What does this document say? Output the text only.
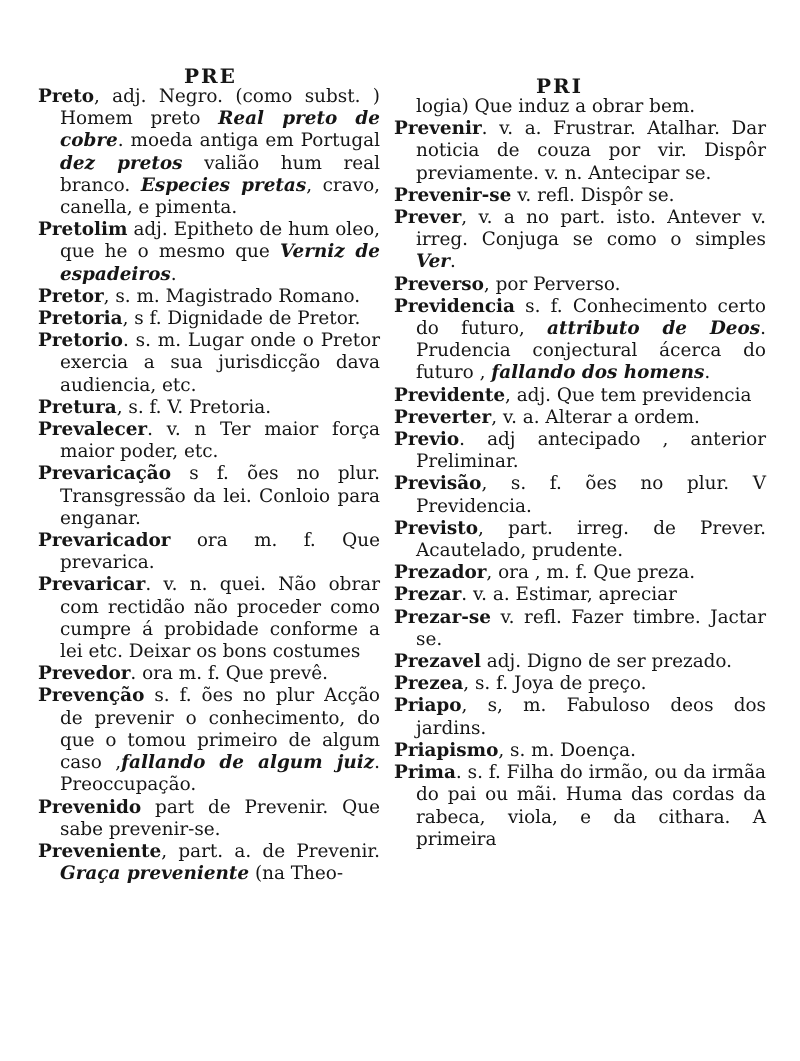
PRE	PRI

Preto, adj. Negro. (como subst. ) Homem preto Real preto de cobre. moeda antiga em Portugal dez pretos valião hum real branco. Especies pretas, cravo, canella, e pimenta.

Pretolim adj. Epitheto de hum oleo, que he o mesmo que Verniz de espadeiros.

Pretor, s. m. Magistrado Romano.

Pretoria, s f. Dignidade de Pretor.

Pretorio. s. m. Lugar onde o Pretor exercia a sua jurisdicção dava audiencia, etc.

Pretura, s. f. V. Pretoria.

Prevalecer. v. n Ter maior força maior poder, etc.

Prevaricação s f. ões no plur. Transgressão da lei. Conloio para enganar.

Prevaricador ora m. f. Que prevarica.

Prevaricar. v. n. quei. Não obrar com rectidão não proceder como cumpre á probidade conforme a lei etc. Deixar os bons costumes

Prevedor. ora m. f. Que prevê.

Prevenção s. f. ões no plur Acção de prevenir o conhecimento, do que o tomou primeiro de algum caso ,fallando de algum juiz. Preoccupação.

Prevenido part de Prevenir. Que sabe prevenir-se.

Preveniente, part. a. de Prevenir. Graça preveniente (na Theo-

logia) Que induz a obrar bem.

Prevenir. v. a. Frustrar. Atalhar. Dar noticia de couza por vir. Dispôr previamente. v. n. Antecipar se.

Prevenir-se v. refl. Dispôr se.

Prever, v. a no part. isto. Antever v. irreg. Conjuga se como o simples Ver.

Preverso, por Perverso.

Previdencia s. f. Conhecimento certo do futuro, attributo de Deos. Prudencia conjectural ácerca do futuro , fallando dos homens.

Previdente, adj. Que tem previdencia

Preverter, v. a. Alterar a ordem.

Previo. adj antecipado , anterior Preliminar.

Previsão, s. f. ões no plur. V Previdencia.

Previsto, part. irreg. de Prever. Acautelado, prudente.

Prezador, ora , m. f. Que preza.

Prezar. v. a. Estimar, apreciar

Prezar-se v. refl. Fazer timbre. Jactar se.

Prezavel adj. Digno de ser prezado.

Prezea, s. f. Joya de preço.

Priapo, s, m. Fabuloso deos dos jardins.

Priapismo, s. m. Doença.

Prima. s. f. Filha do irmão, ou da irmãa do pai ou mãi. Huma das cordas da rabeca, viola, e da cithara. A primeira
